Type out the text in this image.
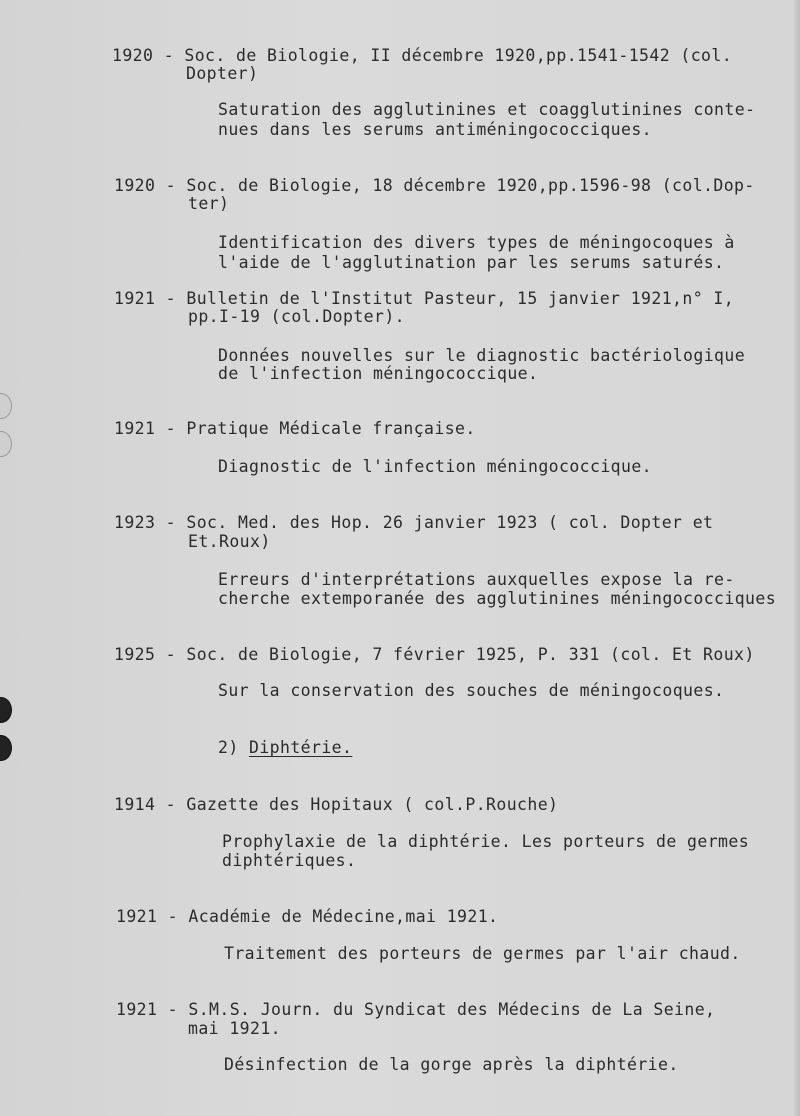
1920 - Soc. de Biologie, II décembre 1920,pp.1541-1542 (col.

Dopter)

Saturation des agglutinines et coagglutinines conte-

nues dans les serums antiméningococciques.

1920 - Soc. de Biologie, 18 décembre 1920,pp.1596-98 (col.Dop-

ter)

Identification des divers types de méningocoques à

l'aide de l'agglutination par les serums saturés.

1921 - Bulletin de l'Institut Pasteur, 15 janvier 1921,n° I,

pp.I-19 (col.Dopter).

Données nouvelles sur le diagnostic bactériologique

de l'infection méningococcique.

1921 - Pratique Médicale française.

Diagnostic de l'infection méningococcique.

1923 - Soc. Med. des Hop. 26 janvier 1923 ( col. Dopter et

Et.Roux)

Erreurs d'interprétations auxquelles expose la re-

cherche extemporanée des agglutinines méningococciques

1925 - Soc. de Biologie, 7 février 1925, P. 331 (col. Et Roux)

Sur la conservation des souches de méningocoques.

2) Diphtérie.

1914 - Gazette des Hopitaux ( col.P.Rouche)

Prophylaxie de la diphtérie. Les porteurs de germes

diphtériques.

1921 - Académie de Médecine,mai 1921.

Traitement des porteurs de germes par l'air chaud.

1921 - S.M.S. Journ. du Syndicat des Médecins de La Seine,

mai 1921.

Désinfection de la gorge après la diphtérie.
